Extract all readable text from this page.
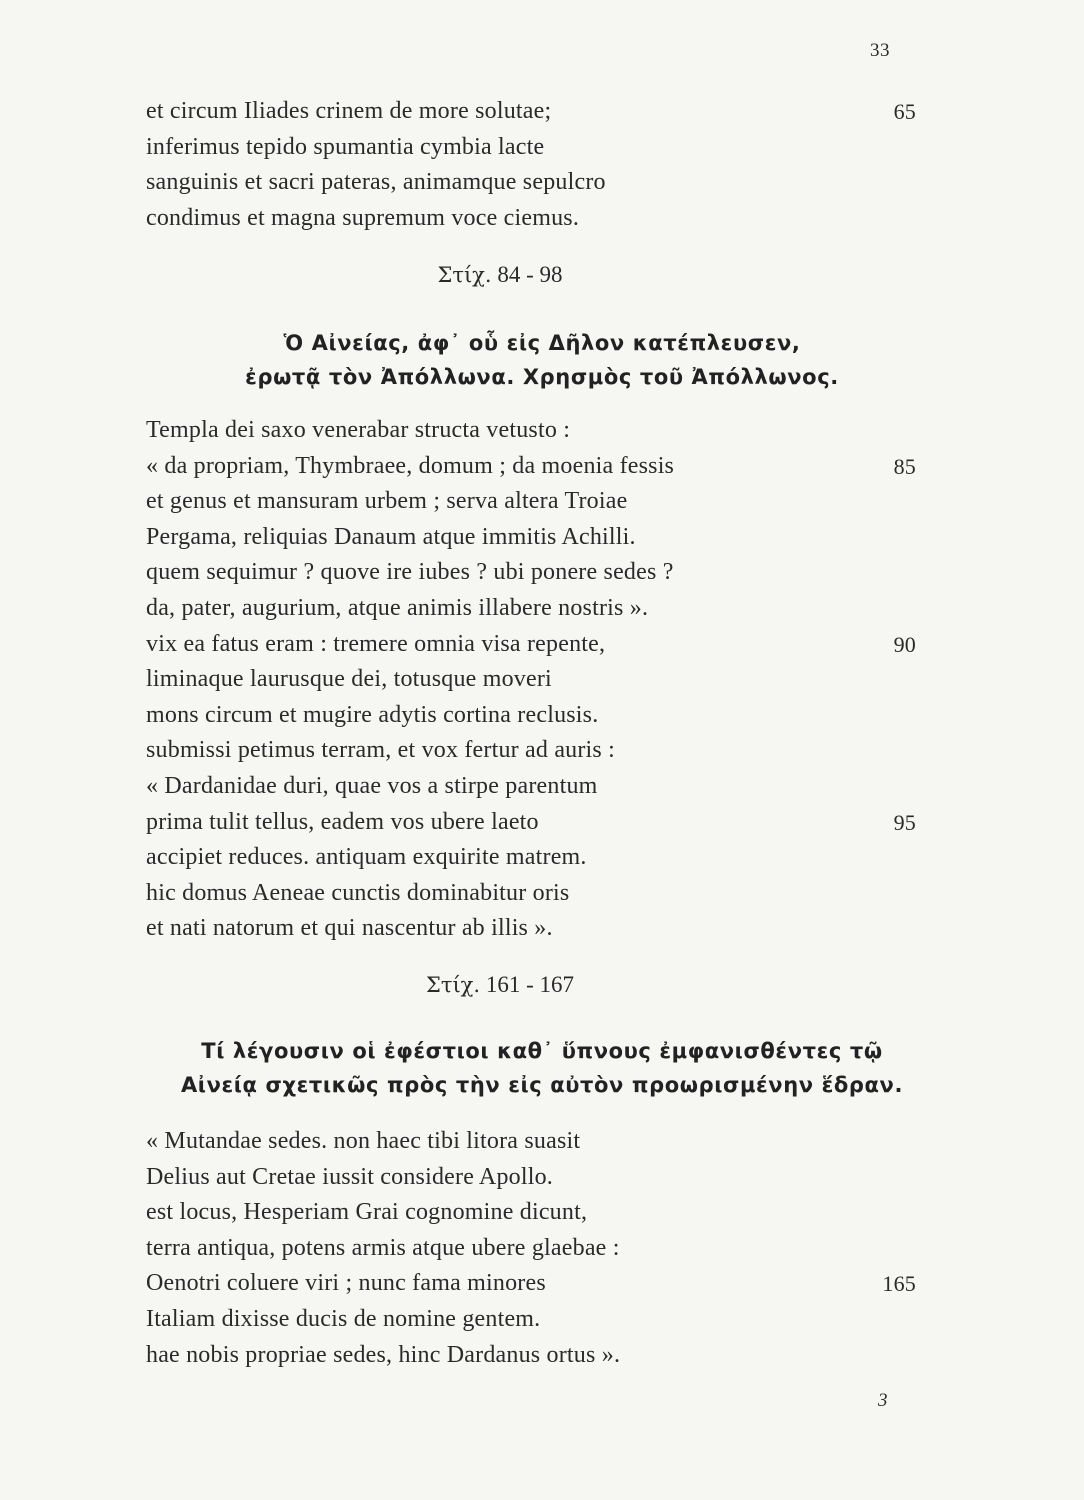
33
et circum Iliades crinem de more solutae;	65
inferimus tepido spumantia cymbia lacte
sanguinis et sacri pateras, animamque sepulcro
condimus et magna supremum voce ciemus.
Στίχ. 84 - 98
Ὁ Αἰνείας, ἀφ᾽ οὗ εἰς Δῆλον κατέπλευσεν,
ἐρωτᾷ τὸν Ἀπόλλωνα. Χρησμὸς τοῦ Ἀπόλλωνος.
Templa dei saxo venerabar structa vetusto :
« da propriam, Thymbraee, domum ; da moenia fessis	85
et genus et mansuram urbem ; serva altera Troiae
Pergama, reliquias Danaum atque immitis Achilli.
quem sequimur ? quove ire iubes ? ubi ponere sedes ?
da, pater, augurium, atque animis illabere nostris ».
vix ea fatus eram : tremere omnia visa repente,	90
liminaque laurusque dei, totusque moveri
mons circum et mugire adytis cortina reclusis.
submissi petimus terram, et vox fertur ad auris :
« Dardanidae duri, quae vos a stirpe parentum
prima tulit tellus, eadem vos ubere laeto	95
accipiet reduces. antiquam exquirite matrem.
hic domus Aeneae cunctis dominabitur oris
et nati natorum et qui nascentur ab illis ».
Στίχ. 161 - 167
Τί λέγουσιν οἱ ἐφέστιοι καθ᾽ ὕπνους ἐμφανισθέντες τῷ
Αἰνείᾳ σχετικῶς πρὸς τὴν εἰς αὐτὸν προωρισμένην ἕδραν.
« Mutandae sedes. non haec tibi litora suasit
Delius aut Cretae iussit considere Apollo.
est locus, Hesperiam Grai cognomine dicunt,
terra antiqua, potens armis atque ubere glaebae :
Oenotri coluere viri ; nunc fama minores	165
Italiam dixisse ducis de nomine gentem.
hae nobis propriae sedes, hinc Dardanus ortus ».
3
